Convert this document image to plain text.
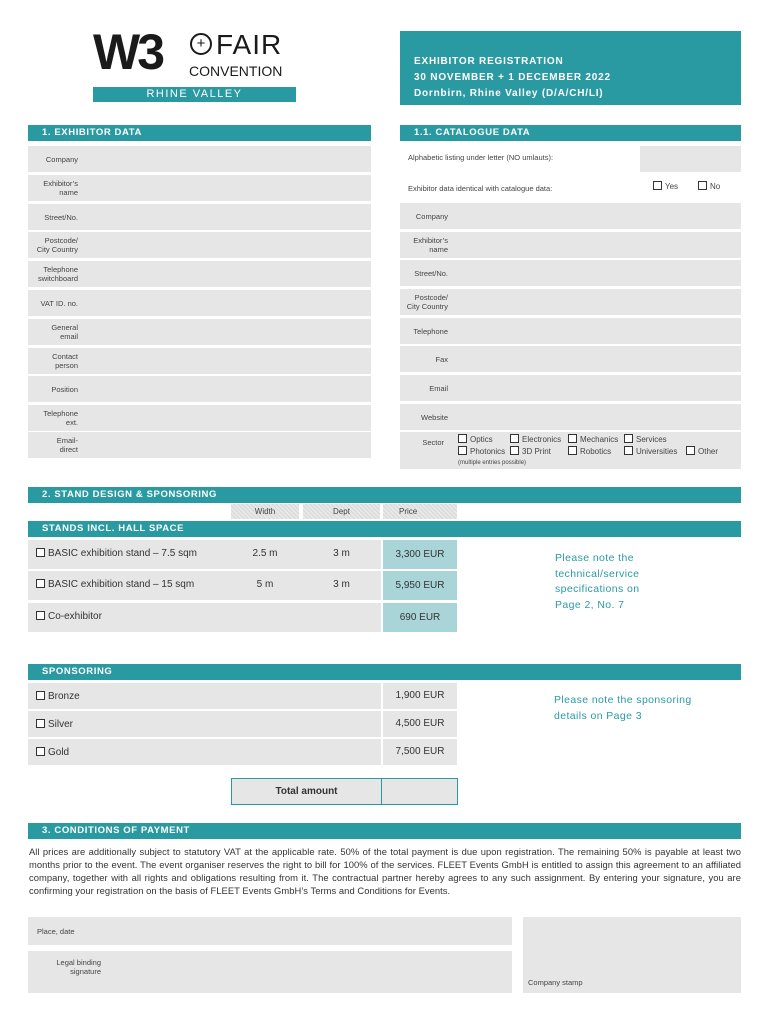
W3	+ FAIR
CONVENTION
RHINE VALLEY
EXHIBITOR REGISTRATION
30 NOVEMBER + 1 DECEMBER 2022
Dornbirn, Rhine Valley (D/A/CH/LI)
1. EXHIBITOR DATA
Company
Exhibitor’s
name
Street/No.
Postcode/
City Country
Telephone
switchboard
VAT ID. no.
General
email
Contact
person
Position
Telephone
ext.
Email-
direct
1.1. CATALOGUE DATA
Alphabetic listing under letter (NO umlauts):
Exhibitor data identical with catalogue data:	Yes	No
Company
Exhibitor’s
name
Street/No.
Postcode/
City Country
Telephone
Fax
Email
Website
Sector	Optics	Electronics	Mechanics	Services
Photonics	3D Print	Robotics	Universities	Other
(multiple entries possible)
2. STAND DESIGN & SPONSORING
Width	Dept	Price
STANDS INCL. HALL SPACE
BASIC exhibition stand – 7.5 sqm	2.5 m	3 m	3,300 EUR
BASIC exhibition stand – 15 sqm	5 m	3 m	5,950 EUR
Co-exhibitor	690 EUR
Please note the
technical/service
specifications on
Page 2, No. 7
SPONSORING
Bronze	1,900 EUR
Silver	4,500 EUR
Gold	7,500 EUR
Please note the sponsoring
details on Page 3
Total amount
3. CONDITIONS OF PAYMENT
All prices are additionally subject to statutory VAT at the applicable rate. 50% of the total payment is due upon registration. The remaining 50% is payable at least two months prior to the event. The event organiser reserves the right to bill for 100% of the services. FLEET Events GmbH is entitled to assign this agreement to an affiliated company, together with all rights and obligations resulting from it. The contractual partner hereby agrees to any such assignment. By entering your signature, you are confirming your registration on the basis of FLEET Events GmbH’s Terms and Conditions for Events.
Place, date
Legal binding
signature
Company stamp
